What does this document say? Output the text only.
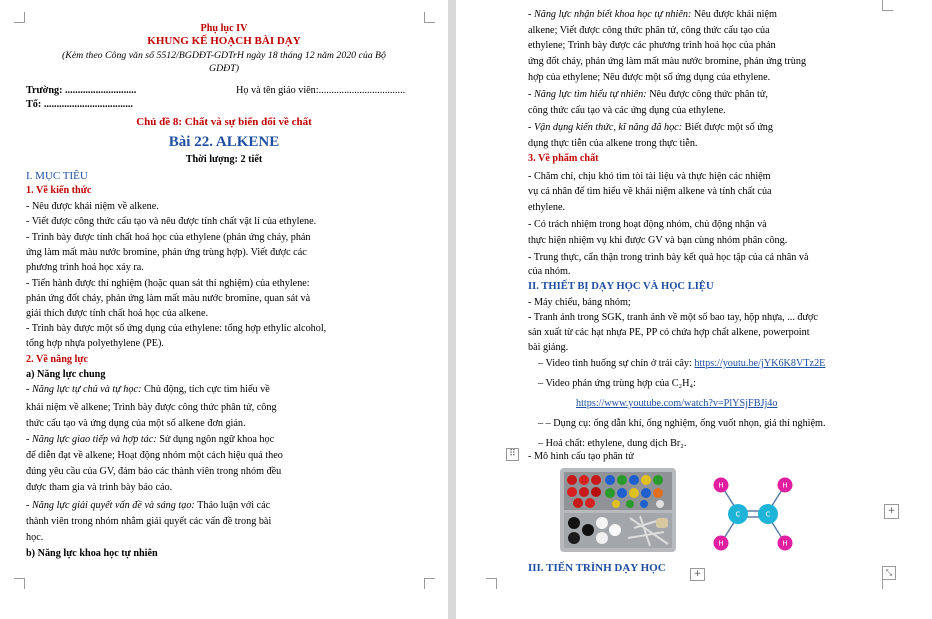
Phụ lục IV
KHUNG KẾ HOẠCH BÀI DẠY
(Kèm theo Công văn số 5512/BGDĐT-GDTrH ngày 18 tháng 12 năm 2020 của Bộ
GDĐT)
Trường: ............................	Họ và tên giáo viên:..................................
Tổ: ...................................
Chủ đề 8: Chất và sự biến đổi về chất
Bài 22. ALKENE
Thời lượng: 2 tiết
I. MỤC TIÊU
1. Về kiến thức
- Nêu được khái niệm về alkene.
- Viết được công thức cấu tạo và nêu được tính chất vật lí của ethylene.
- Trình bày được tính chất hoá học của ethylene (phản ứng cháy, phản
ứng làm mất màu nước bromine, phản ứng trùng hợp). Viết được các
phương trình hoá học xảy ra.
- Tiến hành được thí nghiệm (hoặc quan sát thí nghiệm) của ethylene:
phản ứng đốt cháy, phản ứng làm mất màu nước bromine, quan sát và
giải thích được tính chất hoá học của alkene.
- Trình bày được một số ứng dụng của ethylene: tổng hợp ethylic alcohol,
tổng hợp nhựa polyethylene (PE).
2. Về năng lực
a) Năng lực chung
- Năng lực tự chủ và tự học: Chủ động, tích cực tìm hiểu về
khái niệm về alkene; Trình bày được công thức phân tử, công
thức cấu tạo và ứng dụng của một số alkene đơn giản.
- Năng lực giao tiếp và hợp tác: Sử dụng ngôn ngữ khoa học
để diễn đạt về alkene; Hoạt động nhóm một cách hiệu quả theo
đúng yêu cầu của GV, đảm bảo các thành viên trong nhóm đều
được tham gia và trình bày báo cáo.
- Năng lực giải quyết vấn đề và sáng tạo: Thảo luận với các
thành viên trong nhóm nhằm giải quyết các vấn đề trong bài
học.
b) Năng lực khoa học tự nhiên
- Năng lực nhận biết khoa học tự nhiên: Nêu được khái niệm
alkene; Viết được công thức phân tử, công thức cấu tạo của
ethylene; Trình bày được các phương trình hoá học của phản
ứng đốt cháy, phản ứng làm mất màu nước bromine, phản ứng trùng
hợp của ethylene; Nêu được một số ứng dụng của ethylene.
- Năng lực tìm hiểu tự nhiên: Nêu được công thức phân tử,
công thức cấu tạo và các ứng dụng của ethylene.
- Vận dụng kiến thức, kĩ năng đã học: Biết được một số ứng
dụng thực tiễn của alkene trong thực tiễn.
3. Về phẩm chất
- Chăm chỉ, chịu khó tìm tòi tài liệu và thực hiện các nhiệm
vụ cá nhân để tìm hiểu về khái niệm alkene và tính chất của
ethylene.
- Có trách nhiệm trong hoạt động nhóm, chủ động nhận và
thực hiện nhiệm vụ khi được GV và bạn cùng nhóm phân công.
- Trung thực, cẩn thận trong trình bày kết quả học tập của cá nhân và
của nhóm.
II. THIẾT BỊ DẠY HỌC VÀ HỌC LIỆU
- Máy chiếu, bảng nhóm;
- Tranh ảnh trong SGK, tranh ảnh về một số bao tay, hộp nhựa, ... được
sản xuất từ các hạt nhựa PE, PP có chứa hợp chất alkene, powerpoint
bài giảng.
– Video tình huống sự chín ở trái cây: https://youtu.be/jYK6K8VTz2E
– Video phản ứng trùng hợp của C₂H₄:
https://www.youtube.com/watch?v=PlYSjFBJj4o
– – Dụng cụ: ống dẫn khí, ống nghiệm, ống vuốt nhọn, giá thí nghiệm.
– Hoá chất: ethylene, dung dịch Br₂.
⠿	- Mô hình cấu tạo phân tử
H
H
H
H
C	C	+
III. TIẾN TRÌNH DẠY HỌC	+	⤡
